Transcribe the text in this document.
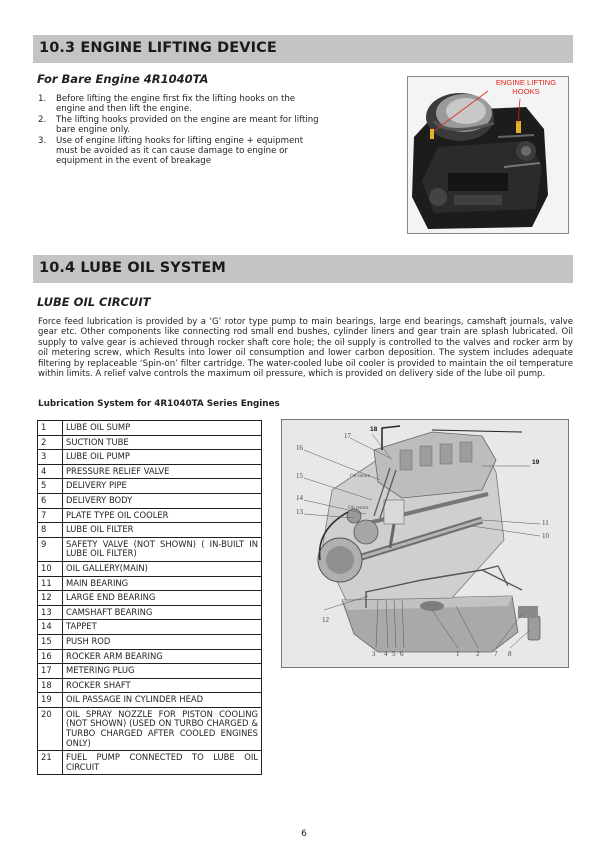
10.3 ENGINE LIFTING DEVICE
For Bare Engine 4R1040TA
1.	Before lifting the engine first fix the lifting hooks on the engine and then lift the engine.
2.	The lifting hooks provided on the engine are meant for lifting bare engine only.
3.	Use of engine lifting hooks for lifting engine + equipment must be avoided as it can cause damage to engine or equipment in the event of breakage
ENGINE LIFTING HOOKS
10.4 LUBE OIL SYSTEM
LUBE OIL CIRCUIT

Force feed lubrication is provided by a ‘G’ rotor type pump to main bearings, large end bearings, camshaft journals, valve gear etc. Other components like connecting rod small end bushes, cylinder liners and gear train are splash lubricated. Oil supply to valve gear is achieved through rocker shaft core hole; the oil supply is controlled to the valves and rocker arm by oil metering screw, which Results into lower oil consumption and lower carbon deposition. The system includes adequate filtering by replaceable ‘Spin-on’ filter cartridge. The water-cooled lube oil cooler is provided to maintain the oil temperature within limits. A relief valve controls the maximum oil pressure, which is provided on delivery side of the lube oil pump.

Lubrication System for 4R1040TA Series Engines
1	LUBE OIL SUMP
2	SUCTION TUBE
3	LUBE OIL PUMP
4	PRESSURE RELIEF VALVE
5	DELIVERY PIPE
6	DELIVERY BODY
7	PLATE TYPE OIL COOLER
8	LUBE OIL FILTER
9	SAFETY VALVE (NOT SHOWN) ( IN-BUILT IN LUBE OIL FILTER)
10	OIL GALLERY(MAIN)
11	MAIN BEARING
12	LARGE END BEARING
13	CAMSHAFT BEARING
14	TAPPET
15	PUSH ROD
16	ROCKER ARM BEARING
17	METERING PLUG
18	ROCKER SHAFT
19	OIL PASSAGE IN CYLINDER HEAD
20	OIL SPRAY NOZZLE FOR PISTON COOLING (NOT SHOWN) (USED ON TURBO CHARGED & TURBO CHARGED AFTER COOLED ENGINES ONLY)
21	FUEL PUMP CONNECTED TO LUBE OIL CIRCUIT
17
16
15
14
13
18
19
11
10
12
3 4 5 6	1 2 7 8
Oil return
Oil return
6
